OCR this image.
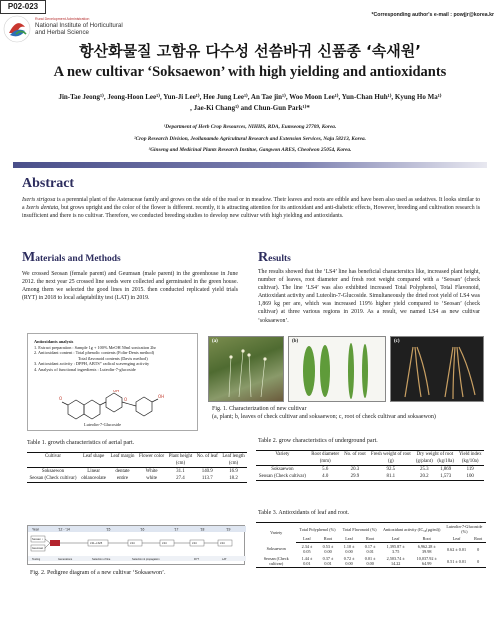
P02-023
*Corresponding author's e-mail : powjjr@korea.kr
Rural Development Administration
National Institute of Horticultural and Herbal Science
항산화물질 고함유 다수성 선씀바귀 신품종 ‘속새원’
A new cultivar ‘Soksaewon’ with high yielding and antioxidants
Jin-Tae Jeong¹⁾, Jeong-Hoon Lee¹⁾, Yun-Ji Lee¹⁾, Hee Jung Lee¹⁾, An Tae jin¹⁾, Woo Moon Lee¹⁾, Yun-Chan Huh¹⁾, Kyung Ho Ma¹⁾
, Jae-Ki Chang¹⁾ and Chun-Gun Park¹⁾*
¹Department of Herb Crop Resources, NIHHS, RDA, Eumseong 27709, Korea.
²Crop Research Division, Jeollanamdo Agricultural Research and Extension Services, Naju 58213, Korea.
³Ginseng and Medicinal Plants Research Institue, Gangwon ARES, Cheolwon 25054, Korea.
Abstract
Ixeris strigosa is a perennial plant of the Asteraceae family and grows on the side of the road or in meadow. Their leaves and roots are edible and have been also used as sedatives. It looks similar to a Ixeris dentata, but grows upright and the color of the flower is different. recently, it is attracting attention for its antioxidant and anti-diabetic effects, However, breeding and cultivation research is insufficient and there is no cultivar. Therefore, we conducted breeding studies to develop new cultivar with high yielding and antioxidants.
Materials and Methods
We crossed Seosan (female parent) and Geumsan (male parent) in the greenhouse in June 2012. the next year 25 crossed line seeds were collected and germinated in the green house. Among them we selected the good lines in 2015. then conducted replicated yield trials (RYT) in 2018 to local adaptability test (LAT) in 2019.
Antioxidants analysis
1. Extract preparation : Sample 1g + 100% MeOH 50ml sonication 2hr
2. Antioxidant content : Total phenolic contents (Folin-Denis method)
Total flavonoid contents (Davis method)
3. Antioxidant activity : DPPH, ABTS⁺ radical scavenging activity
4. Analysis of functional ingredients : Luteolin-7-glucoside
O	O
OH
OH
Luteolin-7-Glucoside
Results
The results showed that the ‘LS4’ line has beneficial charactersitcs like, increased plant height, number of leaves, root diameter and fresh root weight compared with a ‘Seosan’ (check cultivar). The line ‘LS4’ was also exhibited increased Total Polyphenol, Total Flavonoid, Antioxidant activity and Luteolin-7-Glucoside. Simultaneously the dried root yield of LS4 was 1,869 kg per are, which was increased 119% higher yield compared to ‘Seosan’ (check cultivar) at three various regions in 2019. As a result, we named LS4 as new cultivar ‘soksaewon’.
(a)	(b)	(c)
Fig. 1. Characterization of new cultivar
(a, plant; b, leaves of check cultivar and soksaewon; c, root of check cultivar and soksaewon)
Table 1. growth characteristics of aerial part.
Cultivar	Leaf shape	Leaf margin	Flower color	Plant height	No. of leaf	Leaf length
				(cm)		(cm)
Soksaewon	Linear	dentate	White	31.1	140.9	16.9
Seosan (Check cultivar)	oblanceolate	entire	white	27.4	113.7	18.2
Table 2. grow characteristics of underground part.
Variety	Root diameter	No. of root	Fresh weight of root	Dry weight of root		Yield index
	(mm)		(g)	(g/plant)	(kg/10a)	(kg/10a)
Soksaewon	5.6	20.3	92.5	25.3	1,869	119
Seosan (Check cultivar)	4.0	29.9	81.1	20.2	1,573	100
Table 3. Antioxidants of leaf and root.
Variety	Total Polyphenol (%)		Total Flavonoid (%)		Antioxidant activity (IC₅₀(µg/ml))		Luteolin-7-Glucoside (%)	
	Leaf	Root	Leaf	Root	Leaf	Root	Leaf	Root
Soksaewon	2.34 ± 0.05	0.53 ± 0.00	1.10 ± 0.00	0.17 ± 0.01	1,395.87 ± 3.75	6,962.28 ± 39.98	0.62 ± 0.01	0
Seosan (Check cultivar)	1.44 ± 0.01	0.37 ± 0.01	0.72 ± 0.00	0.01 ± 0.00	2,503.74 ± 14.22	10,037.92 ± 64.99	0.51 ± 0.01	0
Year	'12 - '14	'15	'16	'17	'18	'19
Seosan ♀
Geumsan ♂
LS1~LS25	LS4	LS4	LS4	LS4
Testing	Generations	Selection of line	Selection & propagation	RYT	LAT
Fig. 2. Pedigree diagram of a new cultivar ‘Soksaewon’.
